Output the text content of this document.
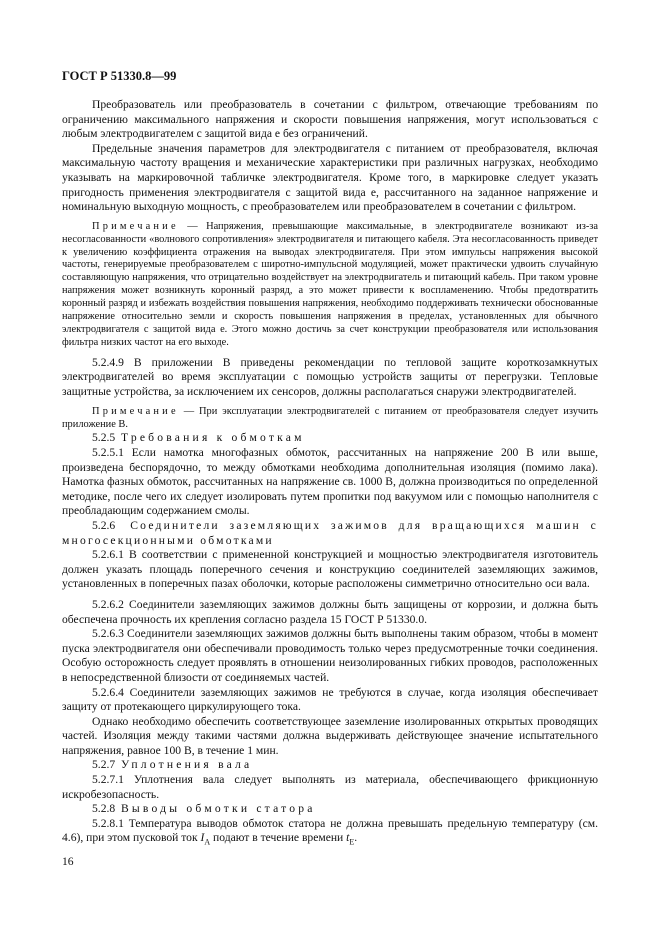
ГОСТ Р 51330.8—99

Преобразователь или преобразователь в сочетании с фильтром, отвечающие требованиям по ограничению максимального напряжения и скорости повышения напряжения, могут использоваться с любым электродвигателем с защитой вида e без ограничений.

Предельные значения параметров для электродвигателя с питанием от преобразователя, включая максимальную частоту вращения и механические характеристики при различных нагрузках, необходимо указывать на маркировочной табличке электродвигателя. Кроме того, в маркировке следует указать пригодность применения электродвигателя с защитой вида e, рассчитанного на заданное напряжение и номинальную выходную мощность, с преобразователем или преобразователем в сочетании с фильтром.

Примечание — Напряжения, превышающие максимальные, в электродвигателе возникают из-за несогласованности «волнового сопротивления» электродвигателя и питающего кабеля. Эта несогласованность приведет к увеличению коэффициента отражения на выводах электродвигателя. При этом импульсы напряжения высокой частоты, генерируемые преобразователем с широтно-импульсной модуляцией, может практически удвоить случайную составляющую напряжения, что отрицательно воздействует на электродвигатель и питающий кабель. При таком уровне напряжения может возникнуть коронный разряд, а это может привести к воспламенению. Чтобы предотвратить коронный разряд и избежать воздействия повышения напряжения, необходимо поддерживать технически обоснованные напряжение относительно земли и скорость повышения напряжения в пределах, установленных для обычного электродвигателя с защитой вида e. Этого можно достичь за счет конструкции преобразователя или использования фильтра низких частот на его выходе.

5.2.4.9 В приложении В приведены рекомендации по тепловой защите короткозамкнутых электродвигателей во время эксплуатации с помощью устройств защиты от перегрузки. Тепловые защитные устройства, за исключением их сенсоров, должны располагаться снаружи электродвигателей.

Примечание — При эксплуатации электродвигателей с питанием от преобразователя следует изучить приложение В.

5.2.5 Требования к обмоткам

5.2.5.1 Если намотка многофазных обмоток, рассчитанных на напряжение 200 В или выше, произведена беспорядочно, то между обмотками необходима дополнительная изоляция (помимо лака). Намотка фазных обмоток, рассчитанных на напряжение св. 1000 В, должна производиться по определенной методике, после чего их следует изолировать путем пропитки под вакуумом или с помощью наполнителя с преобладающим содержанием смолы.

5.2.6 Соединители заземляющих зажимов для вращающихся машин с многосекционными обмотками

5.2.6.1 В соответствии с примененной конструкцией и мощностью электродвигателя изготовитель должен указать площадь поперечного сечения и конструкцию соединителей заземляющих зажимов, установленных в поперечных пазах оболочки, которые расположены симметрично относительно оси вала.

5.2.6.2 Соединители заземляющих зажимов должны быть защищены от коррозии, и должна быть обеспечена прочность их крепления согласно раздела 15 ГОСТ Р 51330.0.

5.2.6.3 Соединители заземляющих зажимов должны быть выполнены таким образом, чтобы в момент пуска электродвигателя они обеспечивали проводимость только через предусмотренные точки соединения. Особую осторожность следует проявлять в отношении неизолированных гибких проводов, расположенных в непосредственной близости от соединяемых частей.

5.2.6.4 Соединители заземляющих зажимов не требуются в случае, когда изоляция обеспечивает защиту от протекающего циркулирующего тока.

Однако необходимо обеспечить соответствующее заземление изолированных открытых проводящих частей. Изоляция между такими частями должна выдерживать действующее значение испытательного напряжения, равное 100 В, в течение 1 мин.

5.2.7 Уплотнения вала

5.2.7.1 Уплотнения вала следует выполнять из материала, обеспечивающего фрикционную искробезопасность.

5.2.8 Выводы обмотки статора

5.2.8.1 Температура выводов обмоток статора не должна превышать предельную температуру (см. 4.6), при этом пусковой ток $I_A$ подают в течение времени $t_E$.

16
